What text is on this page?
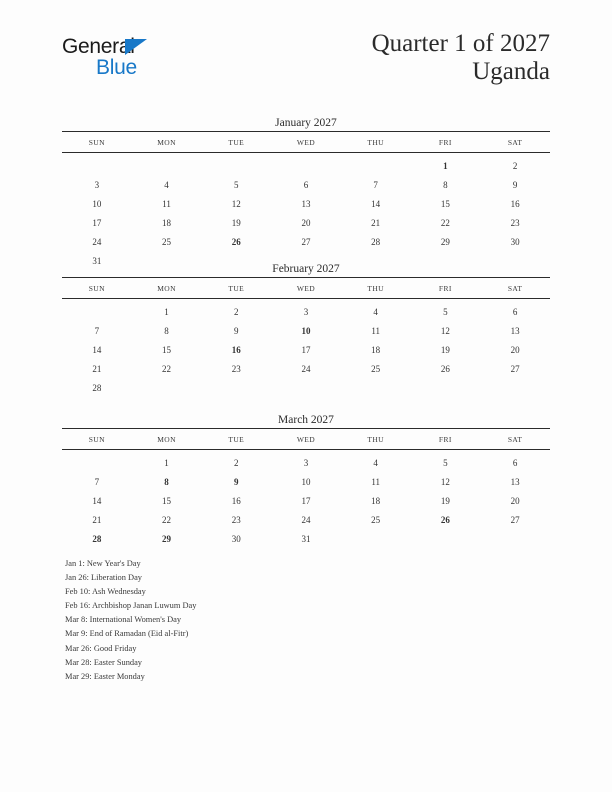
General
Blue
Quarter 1 of 2027
Uganda
January 2027
SUN	MON	TUE	WED	THU	FRI	SAT
					1	2
3	4	5	6	7	8	9
10	11	12	13	14	15	16
17	18	19	20	21	22	23
24	25	26	27	28	29	30
31						
February 2027
SUN	MON	TUE	WED	THU	FRI	SAT
	1	2	3	4	5	6
7	8	9	10	11	12	13
14	15	16	17	18	19	20
21	22	23	24	25	26	27
28						
March 2027
SUN	MON	TUE	WED	THU	FRI	SAT
	1	2	3	4	5	6
7	8	9	10	11	12	13
14	15	16	17	18	19	20
21	22	23	24	25	26	27
28	29	30	31			
Jan 1: New Year's Day
Jan 26: Liberation Day
Feb 10: Ash Wednesday
Feb 16: Archbishop Janan Luwum Day
Mar 8: International Women's Day
Mar 9: End of Ramadan (Eid al-Fitr)
Mar 26: Good Friday
Mar 28: Easter Sunday
Mar 29: Easter Monday
